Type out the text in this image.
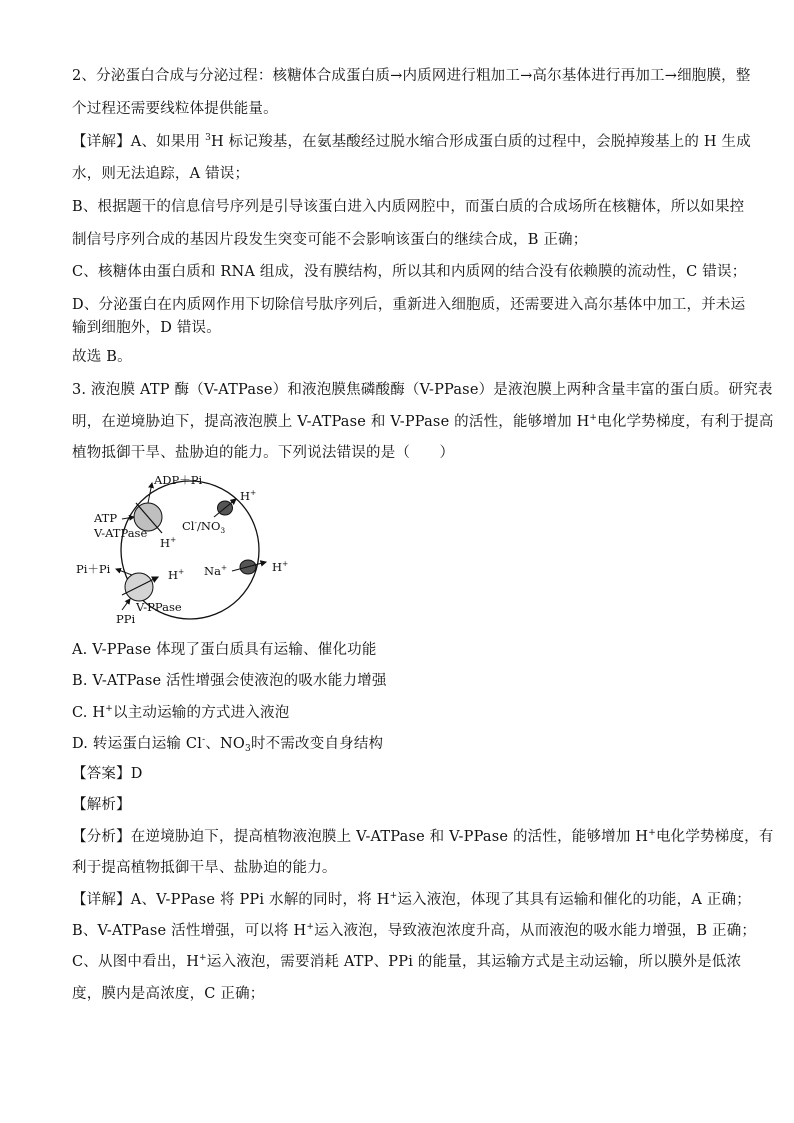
2、分泌蛋白合成与分泌过程：核糖体合成蛋白质→内质网进行粗加工→高尔基体进行再加工→细胞膜，整
个过程还需要线粒体提供能量。
【详解】A、如果用 $^3$H 标记羧基，在氨基酸经过脱水缩合形成蛋白质的过程中，会脱掉羧基上的 H 生成
水，则无法追踪，A 错误；
B、根据题干的信息信号序列是引导该蛋白进入内质网腔中，而蛋白质的合成场所在核糖体，所以如果控
制信号序列合成的基因片段发生突变可能不会影响该蛋白的继续合成，B 正确；
C、核糖体由蛋白质和 RNA 组成，没有膜结构，所以其和内质网的结合没有依赖膜的流动性，C 错误；
D、分泌蛋白在内质网作用下切除信号肽序列后，重新进入细胞质，还需要进入高尔基体中加工，并未运
输到细胞外，D 错误。
故选 B。
3. 液泡膜 ATP 酶（V-ATPase）和液泡膜焦磷酸酶（V-PPase）是液泡膜上两种含量丰富的蛋白质。研究表
明，在逆境胁迫下，提高液泡膜上 V-ATPase 和 V-PPase 的活性，能够增加 H+电化学势梯度，有利于提高
植物抵御干旱、盐胁迫的能力。下列说法错误的是（　　）
ADP＋Pi
ATP
V-ATPase
H+
H+
$Cl^-/NO_3$
Na+	H+
Pi＋Pi	H+
PPi
V-PPase
A. V-PPase 体现了蛋白质具有运输、催化功能
B. V-ATPase 活性增强会使液泡的吸水能力增强
C. H+以主动运输的方式进入液泡
D. 转运蛋白运输 Cl-、$NO_3$时不需改变自身结构
【答案】D
【解析】
【分析】在逆境胁迫下，提高植物液泡膜上 V-ATPase 和 V-PPase 的活性，能够增加 H+电化学势梯度，有
利于提高植物抵御干旱、盐胁迫的能力。
【详解】A、V-PPase 将 PPi 水解的同时，将 H+运入液泡，体现了其具有运输和催化的功能，A 正确；
B、V-ATPase 活性增强，可以将 H+运入液泡，导致液泡浓度升高，从而液泡的吸水能力增强，B 正确；
C、从图中看出，H+运入液泡，需要消耗 ATP、PPi 的能量，其运输方式是主动运输，所以膜外是低浓
度，膜内是高浓度，C 正确；
